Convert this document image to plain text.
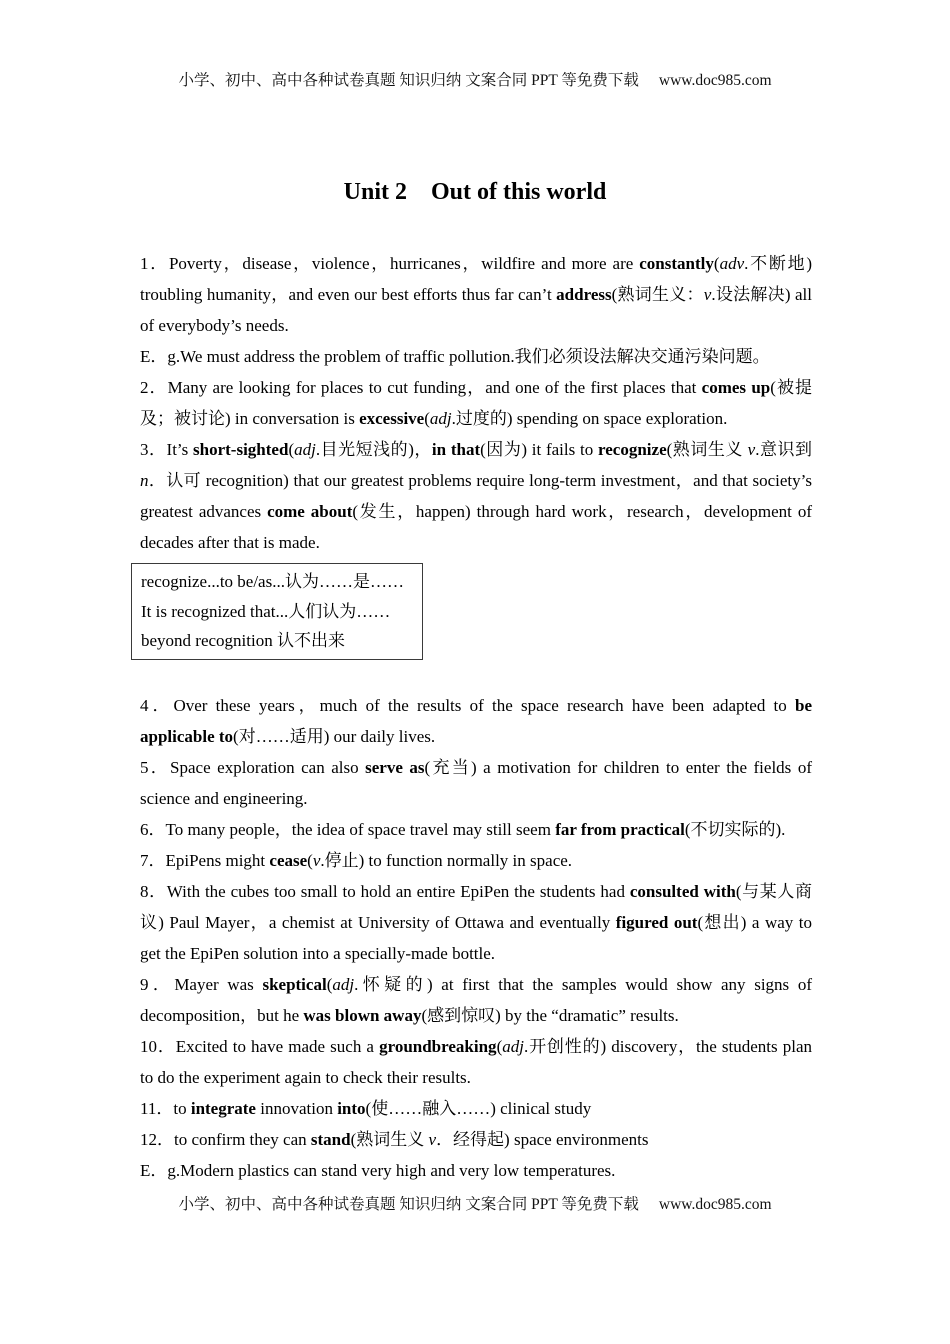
小学、初中、高中各种试卷真题 知识归纳 文案合同 PPT 等免费下载 www.doc985.com
Unit 2　Out of this world

1．Poverty，disease，violence，hurricanes，wildfire and more are constantly(adv.不断地) troubling humanity，and even our best efforts thus far can’t address(熟词生义：v.设法解决) all of everybody’s needs.

E．g.We must address the problem of traffic pollution.我们必须设法解决交通污染问题。

2．Many are looking for places to cut funding，and one of the first places that comes up(被提及；被讨论) in conversation is excessive(adj.过度的) spending on space exploration.

3．It’s short-sighted(adj.目光短浅的)，in that(因为) it fails to recognize(熟词生义 v.意识到 n．认可 recognition) that our greatest problems require long-term investment，and that society’s greatest advances come about(发生，happen) through hard work，research，development of decades after that is made.

recognize...to be/as...认为……是……
It is recognized that...人们认为……
beyond recognition 认不出来

4．Over these years，much of the results of the space research have been adapted to be applicable to(对……适用) our daily lives.

5．Space exploration can also serve as(充当) a motivation for children to enter the fields of science and engineering.

6．To many people，the idea of space travel may still seem far from practical(不切实际的).

7．EpiPens might cease(v.停止) to function normally in space.

8．With the cubes too small to hold an entire EpiPen the students had consulted with(与某人商议) Paul Mayer，a chemist at University of Ottawa and eventually figured out(想出) a way to get the EpiPen solution into a specially-made bottle.

9．Mayer was skeptical(adj.怀疑的) at first that the samples would show any signs of decomposition，but he was blown away(感到惊叹) by the “dramatic” results.

10．Excited to have made such a groundbreaking(adj.开创性的) discovery，the students plan to do the experiment again to check their results.

11．to integrate innovation into(使……融入……) clinical study

12．to confirm they can stand(熟词生义 v．经得起) space environments

E．g.Modern plastics can stand very high and very low temperatures.

小学、初中、高中各种试卷真题 知识归纳 文案合同 PPT 等免费下载 www.doc985.com
